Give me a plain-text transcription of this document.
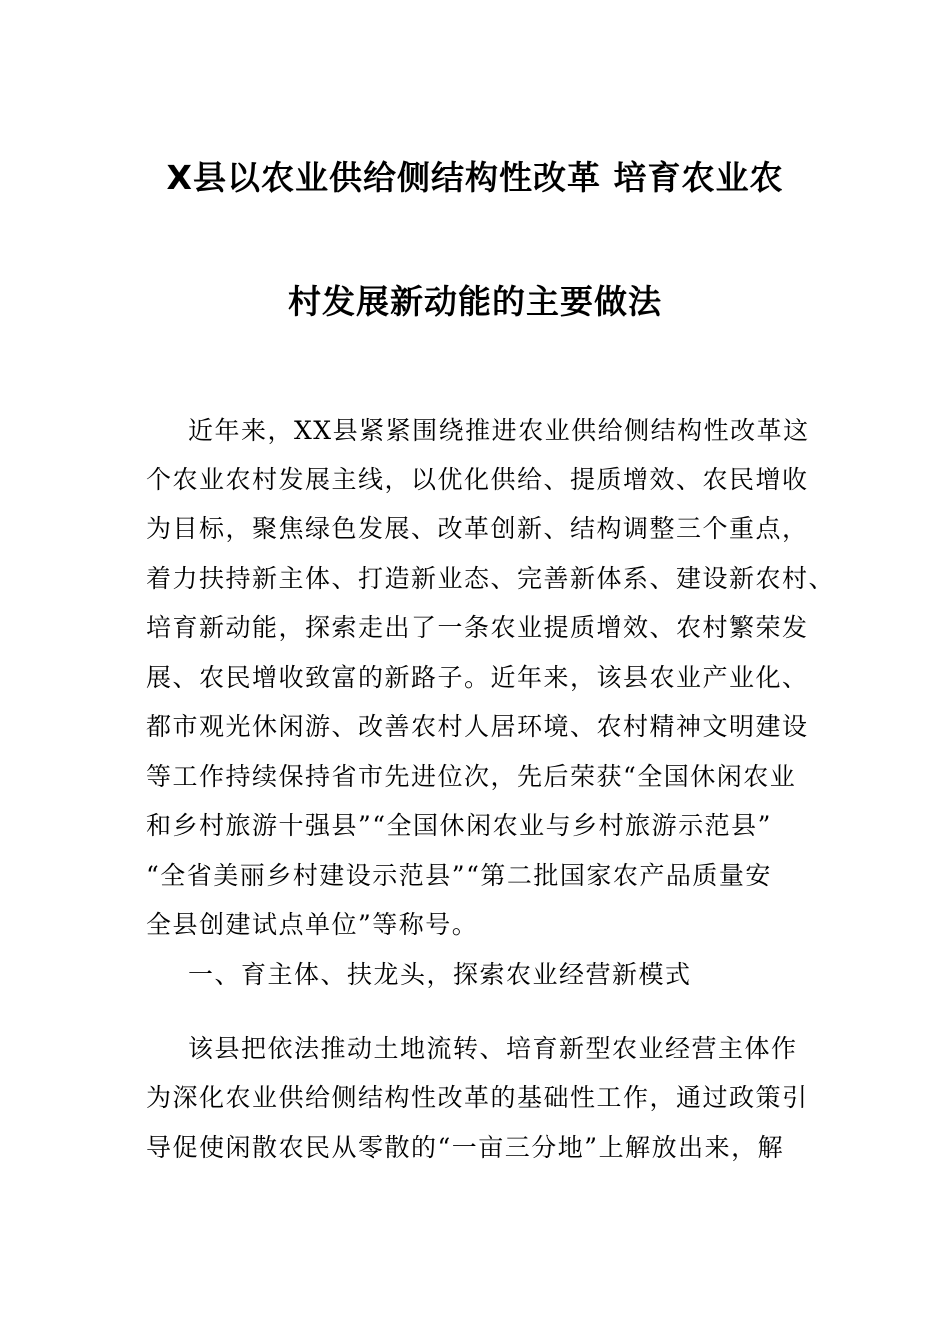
X县以农业供给侧结构性改革 培育农业农
村发展新动能的主要做法
近年来，XX县紧紧围绕推进农业供给侧结构性改革这
个农业农村发展主线，以优化供给、提质增效、农民增收
为目标，聚焦绿色发展、改革创新、结构调整三个重点，
着力扶持新主体、打造新业态、完善新体系、建设新农村、
培育新动能，探索走出了一条农业提质增效、农村繁荣发
展、农民增收致富的新路子。近年来，该县农业产业化、
都市观光休闲游、改善农村人居环境、农村精神文明建设
等工作持续保持省市先进位次，先后荣获“全国休闲农业
和乡村旅游十强县”“全国休闲农业与乡村旅游示范县”
“全省美丽乡村建设示范县”“第二批国家农产品质量安
全县创建试点单位”等称号。
一、育主体、扶龙头，探索农业经营新模式
该县把依法推动土地流转、培育新型农业经营主体作
为深化农业供给侧结构性改革的基础性工作，通过政策引
导促使闲散农民从零散的“一亩三分地”上解放出来，解
